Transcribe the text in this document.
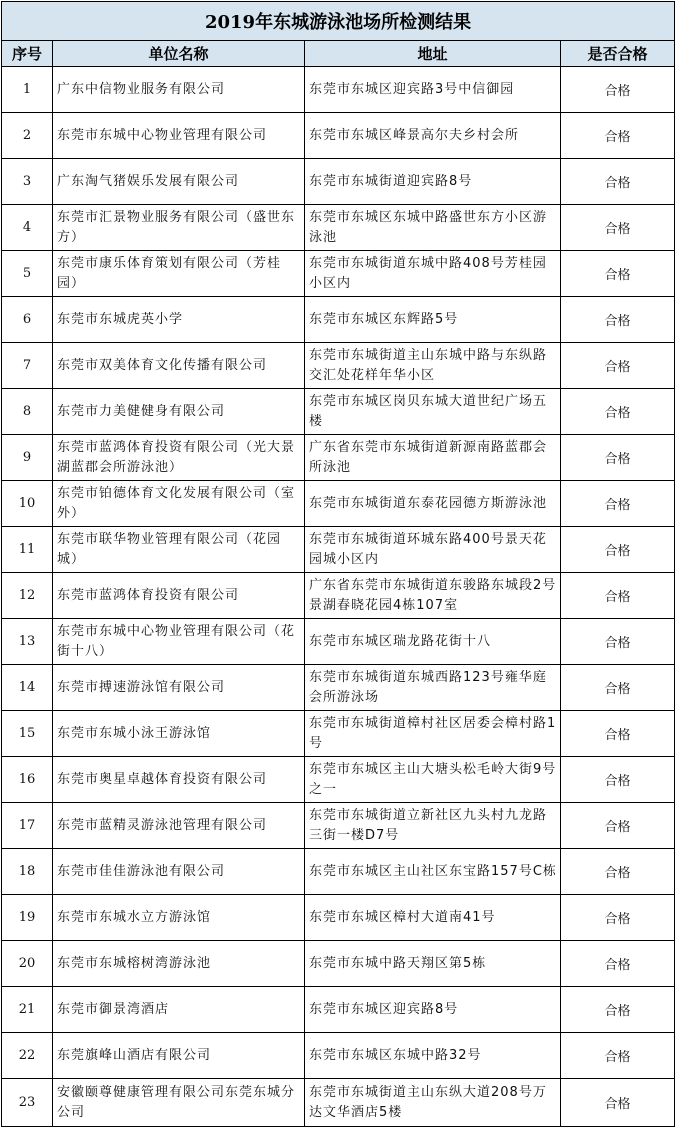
2019年东城游泳池场所检测结果			
序号	单位名称	地址	是否合格
1	广东中信物业服务有限公司	东莞市东城区迎宾路3号中信御园	合格
2	东莞市东城中心物业管理有限公司	东莞市东城区峰景高尔夫乡村会所	合格
3	广东淘气猪娱乐发展有限公司	东莞市东城街道迎宾路8号	合格
4	东莞市汇景物业服务有限公司（盛世东方）	东莞市东城区东城中路盛世东方小区游泳池	合格
5	东莞市康乐体育策划有限公司（芳桂园）	东莞市东城街道东城中路408号芳桂园小区内	合格
6	东莞市东城虎英小学	东莞市东城区东辉路5号	合格
7	东莞市双美体育文化传播有限公司	东莞市东城街道主山东城中路与东纵路交汇处花样年华小区	合格
8	东莞市力美健健身有限公司	东莞市东城区岗贝东城大道世纪广场五楼	合格
9	东莞市蓝鸿体育投资有限公司（光大景湖蓝郡会所游泳池）	广东省东莞市东城街道新源南路蓝郡会所泳池	合格
10	东莞市铂德体育文化发展有限公司（室外）	东莞市东城街道东泰花园德方斯游泳池	合格
11	东莞市联华物业管理有限公司（花园城）	东莞市东城街道环城东路400号景天花园城小区内	合格
12	东莞市蓝鸿体育投资有限公司	广东省东莞市东城街道东骏路东城段2号景湖春晓花园4栋107室	合格
13	东莞市东城中心物业管理有限公司（花街十八）	东莞市东城区瑞龙路花街十八	合格
14	东莞市搏速游泳馆有限公司	东莞市东城街道东城西路123号雍华庭会所游泳场	合格
15	东莞市东城小泳王游泳馆	东莞市东城街道樟村社区居委会樟村路1号	合格
16	东莞市奥星卓越体育投资有限公司	东莞市东城区主山大塘头松毛岭大街9号之一	合格
17	东莞市蓝精灵游泳池管理有限公司	东莞市东城街道立新社区九头村九龙路三街一楼D7号	合格
18	东莞市佳佳游泳池有限公司	东莞市东城区主山社区东宝路157号C栋	合格
19	东莞市东城水立方游泳馆	东莞市东城区樟村大道南41号	合格
20	东莞市东城榕树湾游泳池	东莞市东城中路天翔区第5栋	合格
21	东莞市御景湾酒店	东莞市东城区迎宾路8号	合格
22	东莞旗峰山酒店有限公司	东莞市东城区东城中路32号	合格
23	安徽颐尊健康管理有限公司东莞东城分公司	东莞市东城街道主山东纵大道208号万达文华酒店5楼	合格
